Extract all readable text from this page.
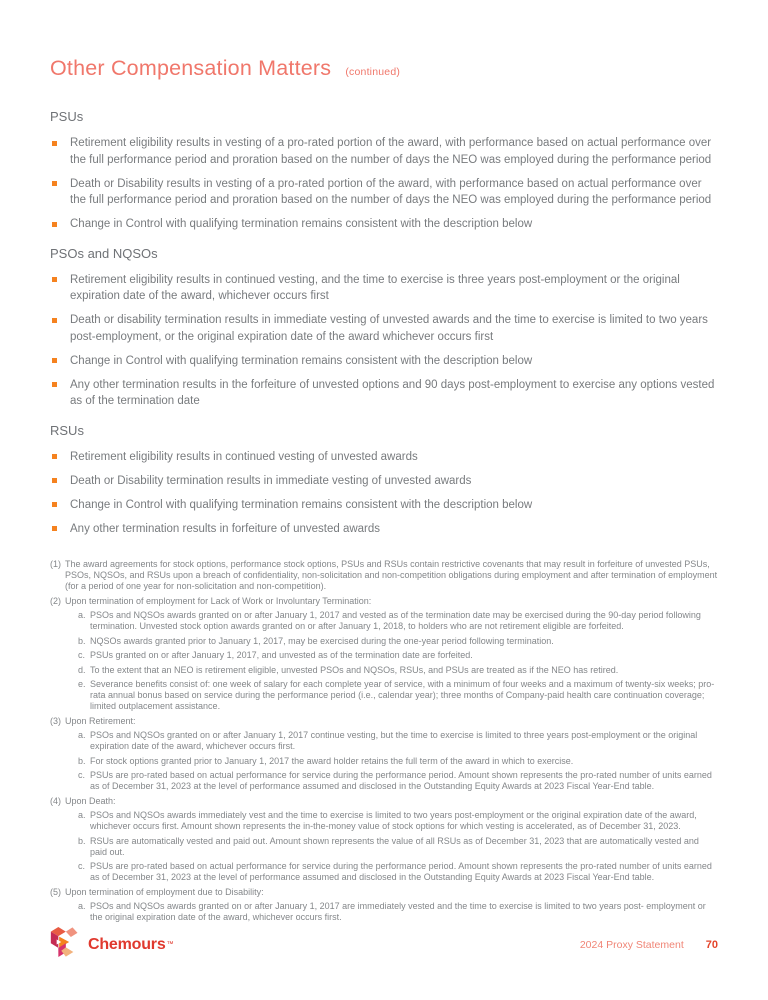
Other Compensation Matters (continued)
PSUs
Retirement eligibility results in vesting of a pro-rated portion of the award, with performance based on actual performance over the full performance period and proration based on the number of days the NEO was employed during the performance period
Death or Disability results in vesting of a pro-rated portion of the award, with performance based on actual performance over the full performance period and proration based on the number of days the NEO was employed during the performance period
Change in Control with qualifying termination remains consistent with the description below
PSOs and NQSOs
Retirement eligibility results in continued vesting, and the time to exercise is three years post-employment or the original expiration date of the award, whichever occurs first
Death or disability termination results in immediate vesting of unvested awards and the time to exercise is limited to two years post-employment, or the original expiration date of the award whichever occurs first
Change in Control with qualifying termination remains consistent with the description below
Any other termination results in the forfeiture of unvested options and 90 days post-employment to exercise any options vested as of the termination date
RSUs
Retirement eligibility results in continued vesting of unvested awards
Death or Disability termination results in immediate vesting of unvested awards
Change in Control with qualifying termination remains consistent with the description below
Any other termination results in forfeiture of unvested awards
(1) The award agreements for stock options, performance stock options, PSUs and RSUs contain restrictive covenants that may result in forfeiture of unvested PSUs, PSOs, NQSOs, and RSUs upon a breach of confidentiality, non-solicitation and non-competition obligations during employment and after termination of employment (for a period of one year for non-solicitation and non-competition).
(2) Upon termination of employment for Lack of Work or Involuntary Termination:
a. PSOs and NQSOs awards granted on or after January 1, 2017 and vested as of the termination date may be exercised during the 90-day period following termination. Unvested stock option awards granted on or after January 1, 2018, to holders who are not retirement eligible are forfeited.
b. NQSOs awards granted prior to January 1, 2017, may be exercised during the one-year period following termination.
c. PSUs granted on or after January 1, 2017, and unvested as of the termination date are forfeited.
d. To the extent that an NEO is retirement eligible, unvested PSOs and NQSOs, RSUs, and PSUs are treated as if the NEO has retired.
e. Severance benefits consist of: one week of salary for each complete year of service, with a minimum of four weeks and a maximum of twenty-six weeks; pro- rata annual bonus based on service during the performance period (i.e., calendar year); three months of Company-paid health care continuation coverage; limited outplacement assistance.
(3) Upon Retirement:
a. PSOs and NQSOs granted on or after January 1, 2017 continue vesting, but the time to exercise is limited to three years post-employment or the original expiration date of the award, whichever occurs first.
b. For stock options granted prior to January 1, 2017 the award holder retains the full term of the award in which to exercise.
c. PSUs are pro-rated based on actual performance for service during the performance period. Amount shown represents the pro-rated number of units earned as of December 31, 2023 at the level of performance assumed and disclosed in the Outstanding Equity Awards at 2023 Fiscal Year-End table.
(4) Upon Death:
a. PSOs and NQSOs awards immediately vest and the time to exercise is limited to two years post-employment or the original expiration date of the award, whichever occurs first. Amount shown represents the in-the-money value of stock options for which vesting is accelerated, as of December 31, 2023.
b. RSUs are automatically vested and paid out. Amount shown represents the value of all RSUs as of December 31, 2023 that are automatically vested and paid out.
c. PSUs are pro-rated based on actual performance for service during the performance period. Amount shown represents the pro-rated number of units earned as of December 31, 2023 at the level of performance assumed and disclosed in the Outstanding Equity Awards at 2023 Fiscal Year-End table.
(5) Upon termination of employment due to Disability:
a. PSOs and NQSOs awards granted on or after January 1, 2017 are immediately vested and the time to exercise is limited to two years post- employment or the original expiration date of the award, whichever occurs first.
Chemours ™	2024 Proxy Statement 70
